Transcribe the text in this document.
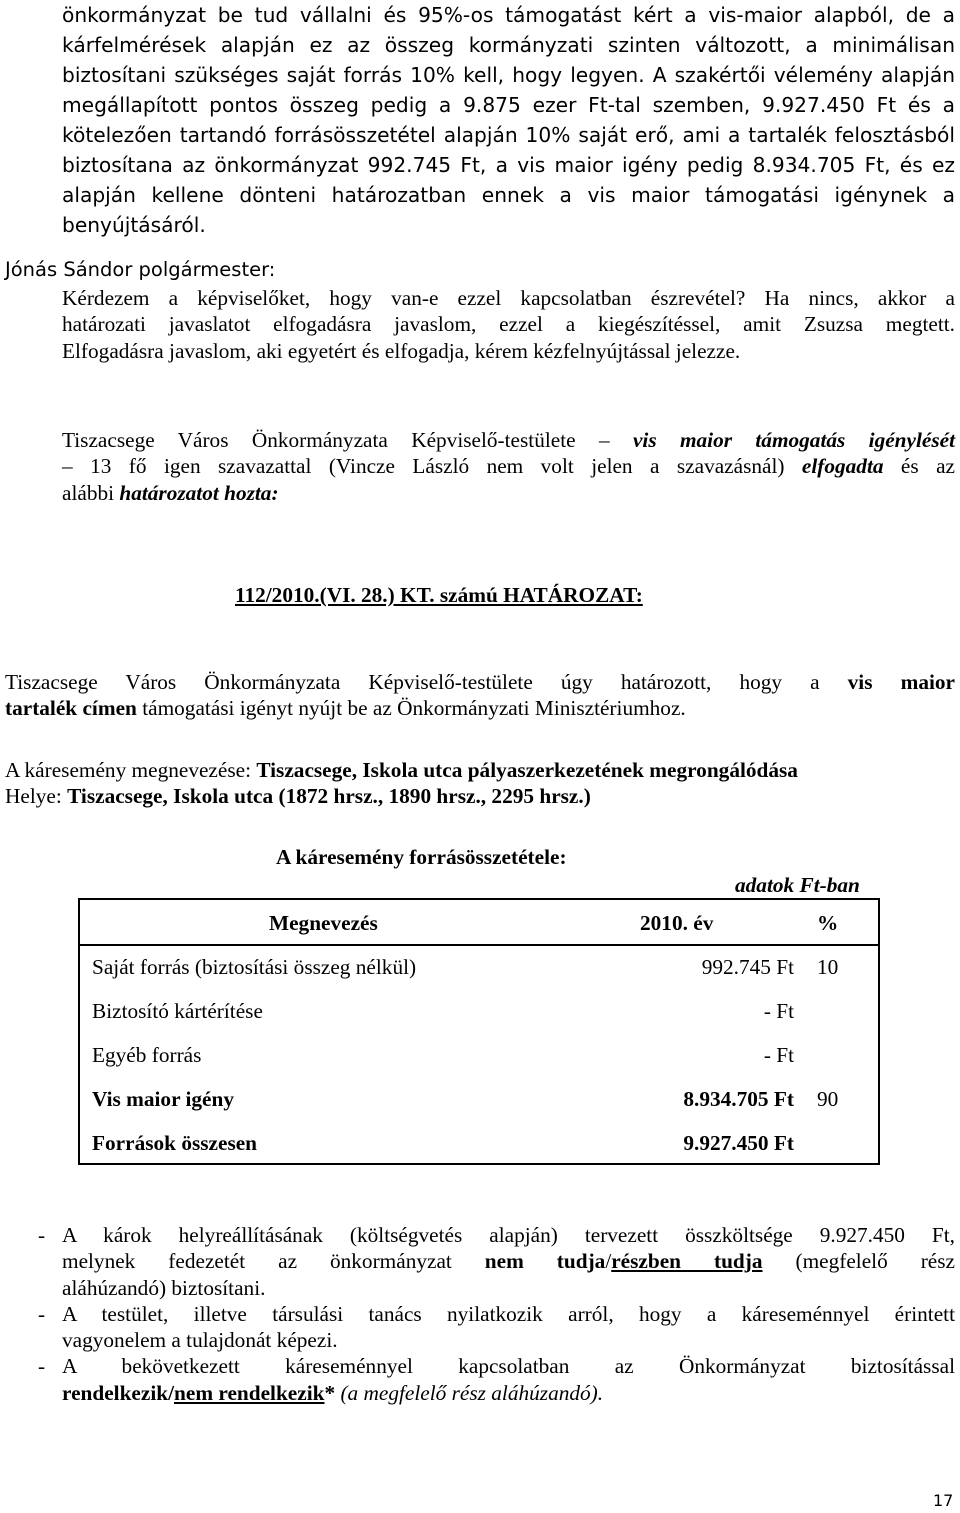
önkormányzat be tud vállalni és 95%-os támogatást kért a vis-maior alapból, de a
kárfelmérések alapján ez az összeg kormányzati szinten változott, a minimálisan
biztosítani szükséges saját forrás 10% kell, hogy legyen. A szakértői vélemény alapján
megállapított pontos összeg pedig a 9.875 ezer Ft-tal szemben, 9.927.450 Ft és a
kötelezően tartandó forrásösszetétel alapján 10% saját erő, ami a tartalék felosztásból
biztosítana az önkormányzat 992.745 Ft, a vis maior igény pedig 8.934.705 Ft, és ez
alapján kellene dönteni határozatban ennek a vis maior támogatási igénynek a
benyújtásáról.
Jónás Sándor polgármester:
Kérdezem a képviselőket, hogy van-e ezzel kapcsolatban észrevétel? Ha nincs, akkor a
határozati javaslatot elfogadásra javaslom, ezzel a kiegészítéssel, amit Zsuzsa megtett.
Elfogadásra javaslom, aki egyetért és elfogadja, kérem kézfelnyújtással jelezze.
Tiszacsege Város Önkormányzata Képviselő-testülete – vis maior támogatás igénylését
– 13 fő igen szavazattal (Vincze László nem volt jelen a szavazásnál) elfogadta és az
alábbi határozatot hozta:
112/2010.(VI. 28.) KT. számú HATÁROZAT:
Tiszacsege Város Önkormányzata Képviselő-testülete úgy határozott, hogy a vis maior
tartalék címen támogatási igényt nyújt be az Önkormányzati Minisztériumhoz.
A káresemény megnevezése: Tiszacsege, Iskola utca pályaszerkezetének megrongálódása
Helye: Tiszacsege, Iskola utca (1872 hrsz., 1890 hrsz., 2295 hrsz.)
A káresemény forrásösszetétele:
adatok Ft-ban
Megnevezés	2010. év	%
Saját forrás (biztosítási összeg nélkül)	992.745 Ft 10
Biztosító kártérítése	- Ft
Egyéb forrás	- Ft
Vis maior igény	8.934.705 Ft 90
Források összesen	9.927.450 Ft
- A károk helyreállításának (költségvetés alapján) tervezett összköltsége 9.927.450 Ft,
melynek fedezetét az önkormányzat nem tudja/részben tudja (megfelelő rész
aláhúzandó) biztosítani.
- A testület, illetve társulási tanács nyilatkozik arról, hogy a káreseménnyel érintett
vagyonelem a tulajdonát képezi.
- A bekövetkezett káreseménnyel kapcsolatban az Önkormányzat biztosítással
rendelkezik/nem rendelkezik* (a megfelelő rész aláhúzandó).
17
